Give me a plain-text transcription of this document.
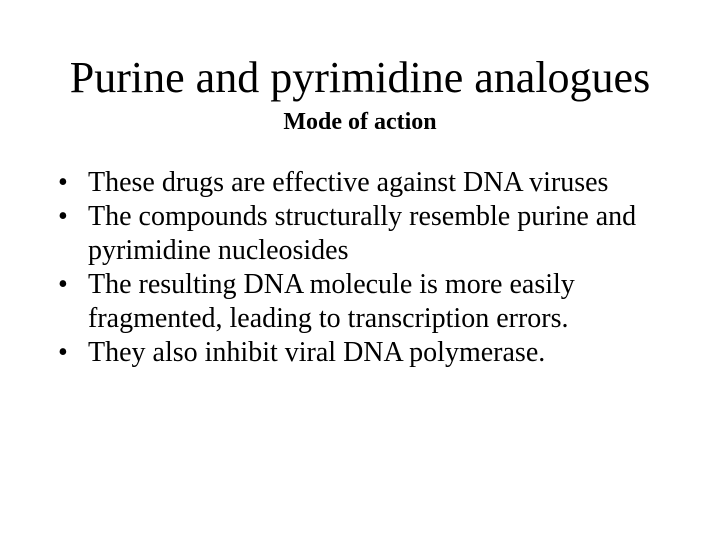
Purine and pyrimidine analogues
Mode of action
• These drugs are effective against DNA viruses
• The compounds structurally resemble purine and pyrimidine nucleosides
• The resulting DNA molecule is more easily fragmented, leading to transcription errors.
• They also inhibit viral DNA polymerase.
